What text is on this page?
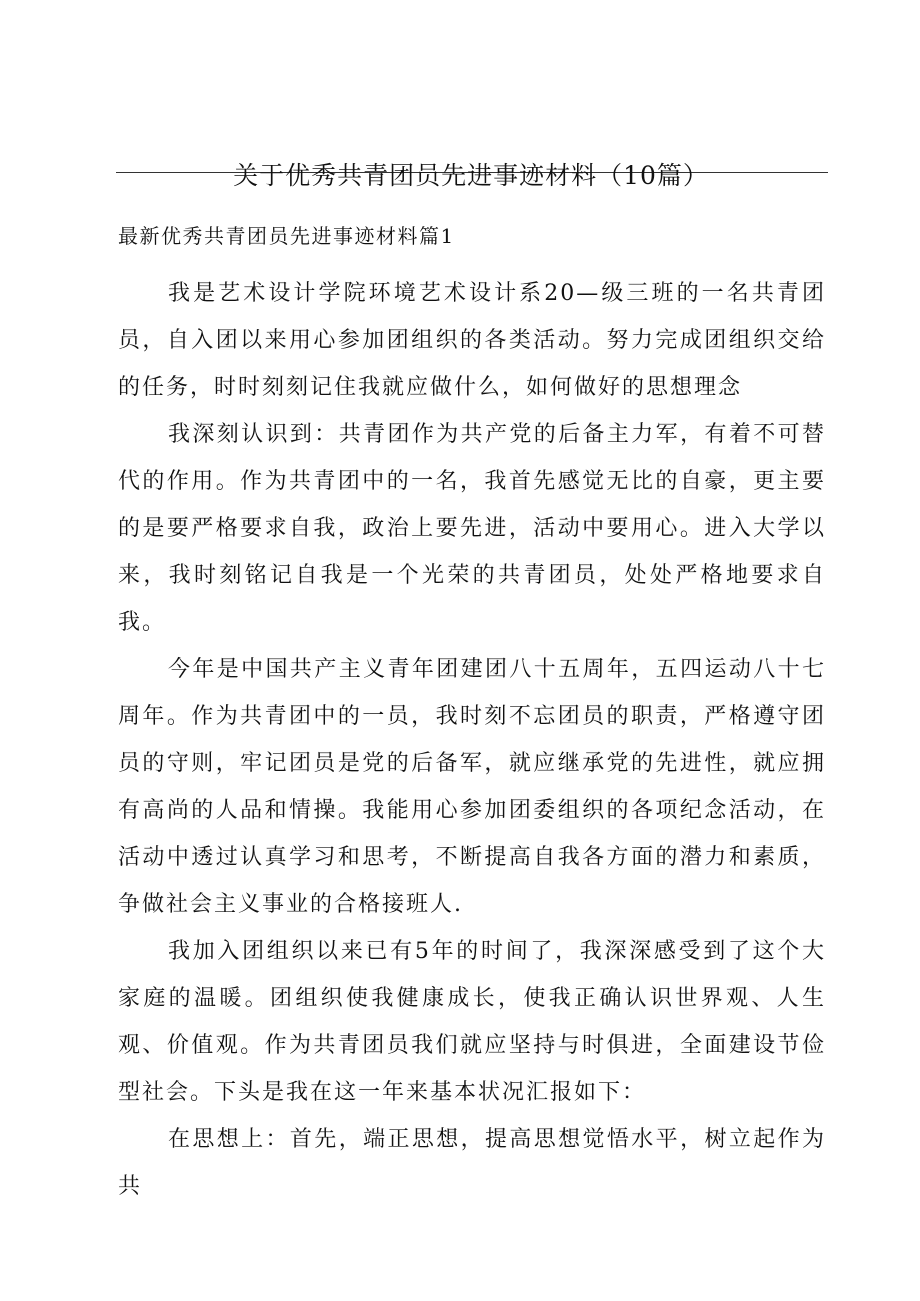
关于优秀共青团员先进事迹材料（10篇）
最新优秀共青团员先进事迹材料篇1

我是艺术设计学院环境艺术设计系20—级三班的一名共青团员，自入团以来用心参加团组织的各类活动。努力完成团组织交给的任务，时时刻刻记住我就应做什么，如何做好的思想理念

我深刻认识到：共青团作为共产党的后备主力军，有着不可替代的作用。作为共青团中的一名，我首先感觉无比的自豪，更主要的是要严格要求自我，政治上要先进，活动中要用心。进入大学以来，我时刻铭记自我是一个光荣的共青团员，处处严格地要求自我。

今年是中国共产主义青年团建团八十五周年，五四运动八十七周年。作为共青团中的一员，我时刻不忘团员的职责，严格遵守团员的守则，牢记团员是党的后备军，就应继承党的先进性，就应拥有高尚的人品和情操。我能用心参加团委组织的各项纪念活动，在活动中透过认真学习和思考，不断提高自我各方面的潜力和素质，争做社会主义事业的合格接班人.

我加入团组织以来已有5年的时间了，我深深感受到了这个大家庭的温暖。团组织使我健康成长，使我正确认识世界观、人生观、价值观。作为共青团员我们就应坚持与时俱进，全面建设节俭型社会。下头是我在这一年来基本状况汇报如下：

在思想上：首先，端正思想，提高思想觉悟水平，树立起作为共
